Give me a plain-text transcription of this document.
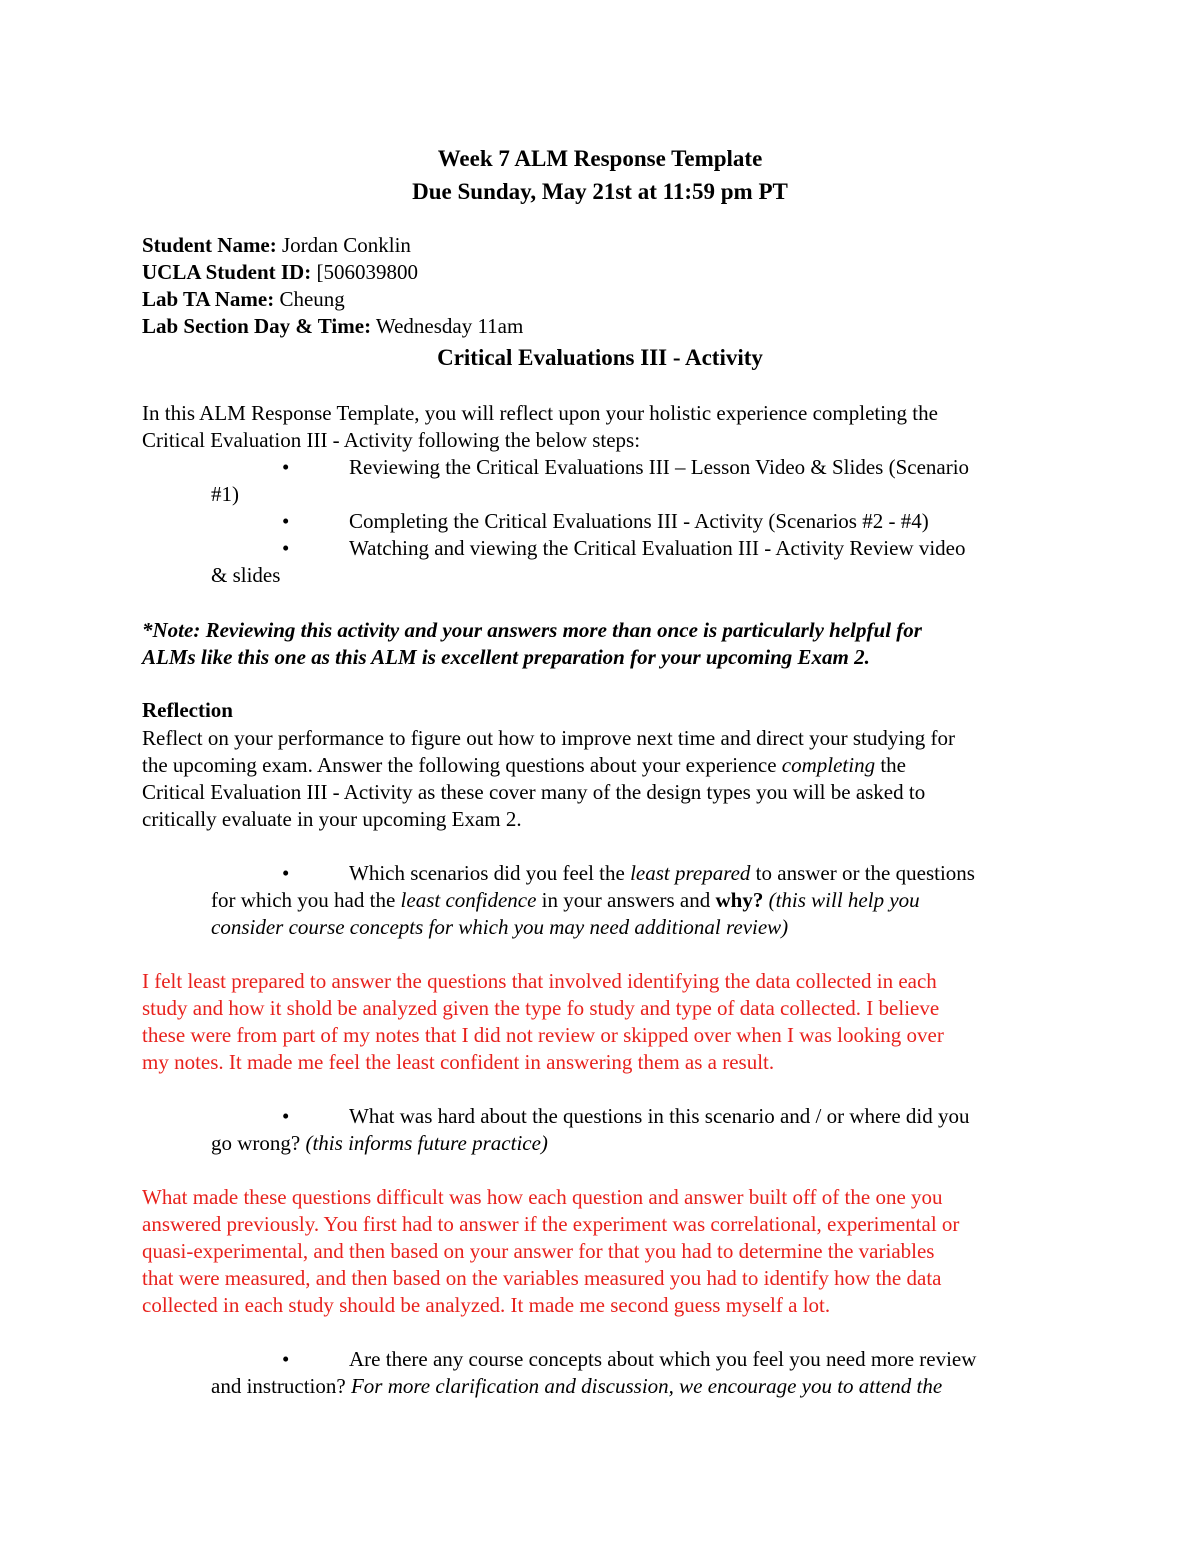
Week 7 ALM Response Template
Due Sunday, May 21st at 11:59 pm PT
Student Name: Jordan Conklin
UCLA Student ID: [506039800
Lab TA Name: Cheung
Lab Section Day & Time: Wednesday 11am
Critical Evaluations III - Activity
In this ALM Response Template, you will reflect upon your holistic experience completing the
Critical Evaluation III - Activity following the below steps:
•	Reviewing the Critical Evaluations III – Lesson Video & Slides (Scenario
#1)
•	Completing the Critical Evaluations III - Activity (Scenarios #2 - #4)
•	Watching and viewing the Critical Evaluation III - Activity Review video
& slides
*Note: Reviewing this activity and your answers more than once is particularly helpful for
ALMs like this one as this ALM is excellent preparation for your upcoming Exam 2.
Reflection
Reflect on your performance to figure out how to improve next time and direct your studying for
the upcoming exam. Answer the following questions about your experience completing the
Critical Evaluation III - Activity as these cover many of the design types you will be asked to
critically evaluate in your upcoming Exam 2.
•	Which scenarios did you feel the least prepared to answer or the questions
for which you had the least confidence in your answers and why? (this will help you
consider course concepts for which you may need additional review)
I felt least prepared to answer the questions that involved identifying the data collected in each
study and how it shold be analyzed given the type fo study and type of data collected. I believe
these were from part of my notes that I did not review or skipped over when I was looking over
my notes. It made me feel the least confident in answering them as a result.
•	What was hard about the questions in this scenario and / or where did you
go wrong? (this informs future practice)
What made these questions difficult was how each question and answer built off of the one you
answered previously. You first had to answer if the experiment was correlational, experimental or
quasi-experimental, and then based on your answer for that you had to determine the variables
that were measured, and then based on the variables measured you had to identify how the data
collected in each study should be analyzed. It made me second guess myself a lot.
•	Are there any course concepts about which you feel you need more review
and instruction? For more clarification and discussion, we encourage you to attend the
